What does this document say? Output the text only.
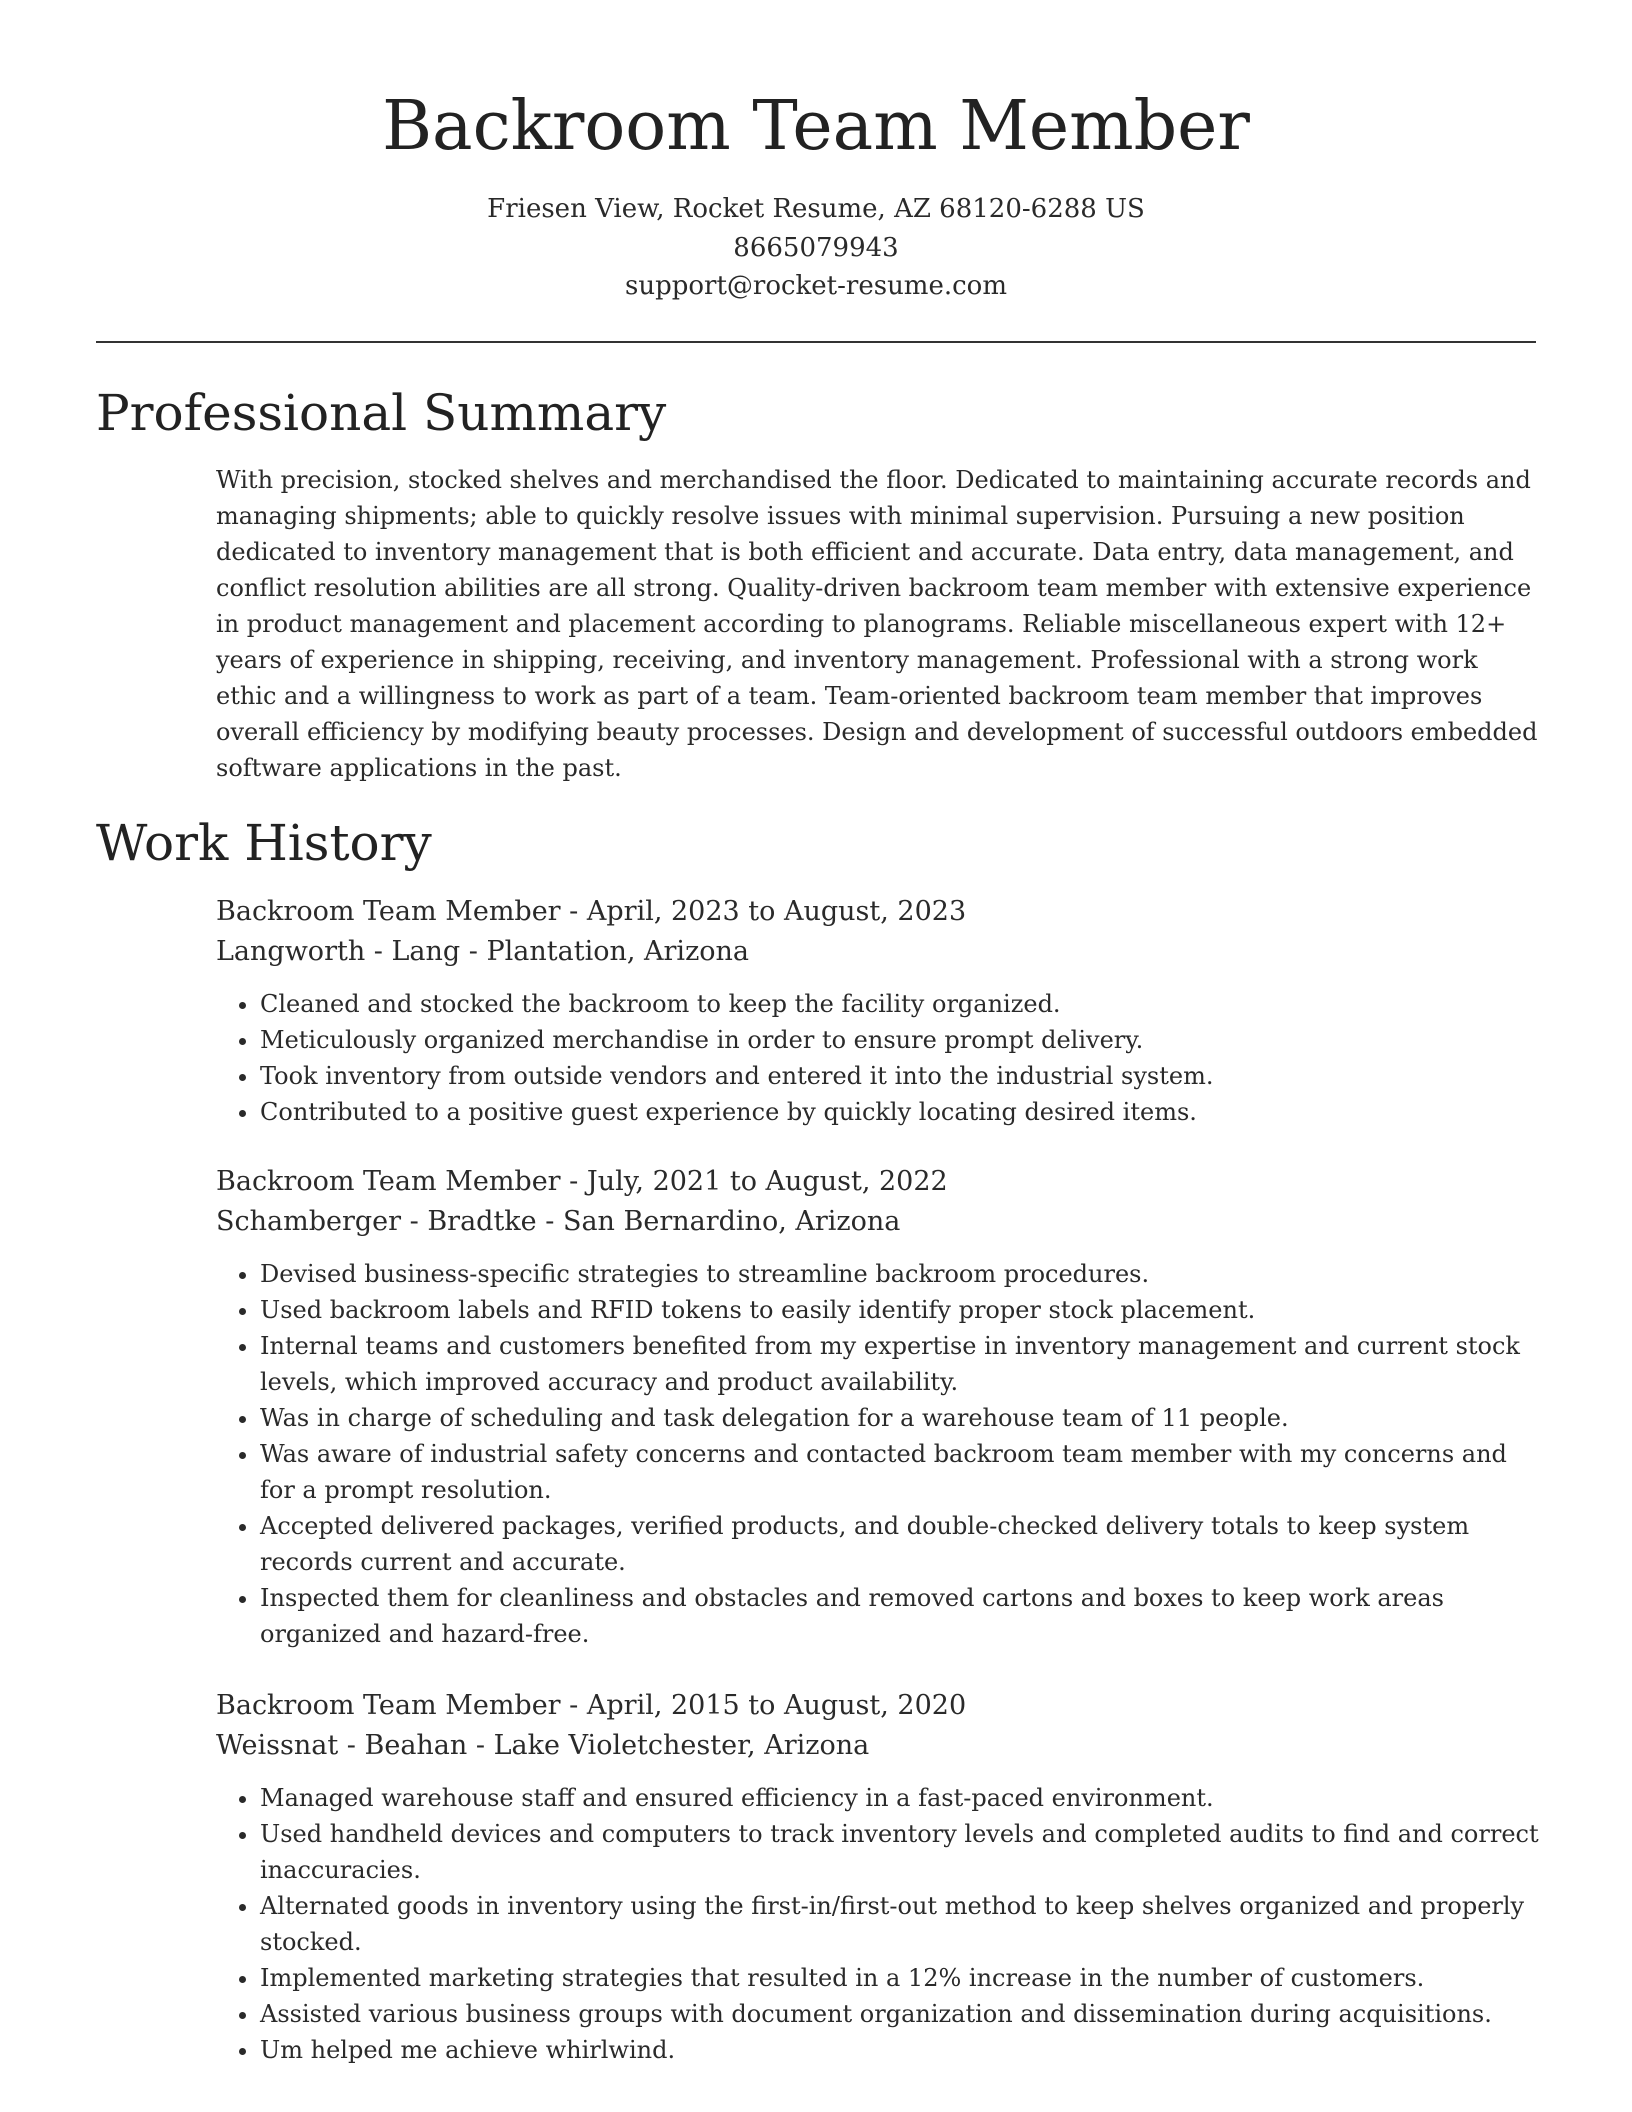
Backroom Team Member
Friesen View, Rocket Resume, AZ 68120-6288 US
8665079943
support@rocket-resume.com
Professional Summary

With precision, stocked shelves and merchandised the floor. Dedicated to maintaining accurate records and managing shipments; able to quickly resolve issues with minimal supervision. Pursuing a new position dedicated to inventory management that is both efficient and accurate. Data entry, data management, and conflict resolution abilities are all strong. Quality-driven backroom team member with extensive experience in product management and placement according to planograms. Reliable miscellaneous expert with 12+ years of experience in shipping, receiving, and inventory management. Professional with a strong work ethic and a willingness to work as part of a team. Team-oriented backroom team member that improves overall efficiency by modifying beauty processes. Design and development of successful outdoors embedded software applications in the past.

Work History
Backroom Team Member - April, 2023 to August, 2023
Langworth - Lang - Plantation, Arizona
• Cleaned and stocked the backroom to keep the facility organized.
• Meticulously organized merchandise in order to ensure prompt delivery.
• Took inventory from outside vendors and entered it into the industrial system.
• Contributed to a positive guest experience by quickly locating desired items.
Backroom Team Member - July, 2021 to August, 2022
Schamberger - Bradtke - San Bernardino, Arizona
• Devised business-specific strategies to streamline backroom procedures.
• Used backroom labels and RFID tokens to easily identify proper stock placement.
• Internal teams and customers benefited from my expertise in inventory management and current stock levels, which improved accuracy and product availability.
• Was in charge of scheduling and task delegation for a warehouse team of 11 people.
• Was aware of industrial safety concerns and contacted backroom team member with my concerns and for a prompt resolution.
• Accepted delivered packages, verified products, and double-checked delivery totals to keep system records current and accurate.
• Inspected them for cleanliness and obstacles and removed cartons and boxes to keep work areas organized and hazard-free.
Backroom Team Member - April, 2015 to August, 2020
Weissnat - Beahan - Lake Violetchester, Arizona
• Managed warehouse staff and ensured efficiency in a fast-paced environment.
• Used handheld devices and computers to track inventory levels and completed audits to find and correct inaccuracies.
• Alternated goods in inventory using the first-in/first-out method to keep shelves organized and properly stocked.
• Implemented marketing strategies that resulted in a 12% increase in the number of customers.
• Assisted various business groups with document organization and dissemination during acquisitions.
• Um helped me achieve whirlwind.
